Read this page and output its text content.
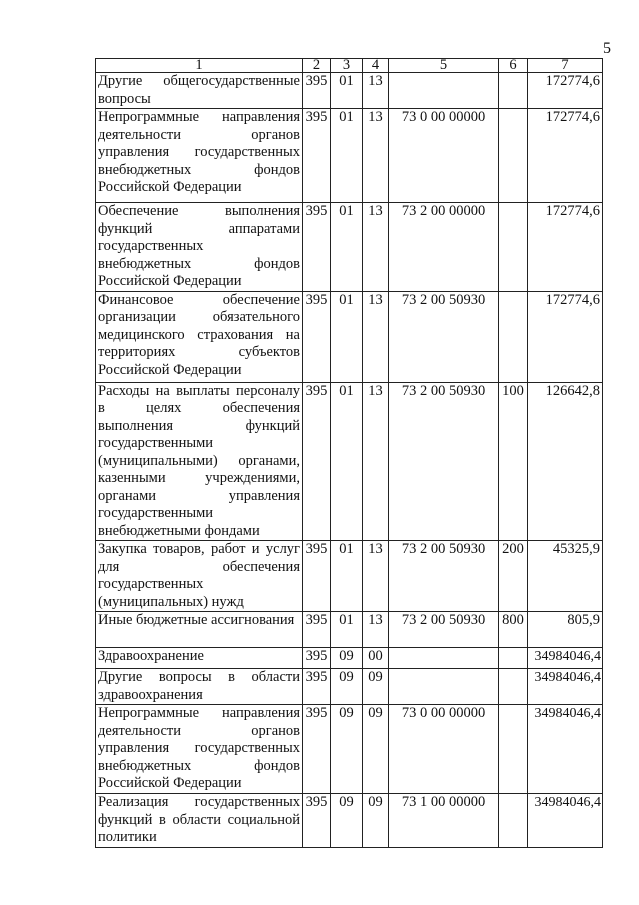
5
1	2	3	4	5	6	7
Другие общегосударственные вопросы	395	01	13			172774,6
Непрограммные направления деятельности органов управления государственных внебюджетных фондов Российской Федерации	395	01	13	73 0 00 00000		172774,6
Обеспечение выполнения функций аппаратами государственных внебюджетных фондов Российской Федерации	395	01	13	73 2 00 00000		172774,6
Финансовое обеспечение организации обязательного медицинского страхования на территориях субъектов Российской Федерации	395	01	13	73 2 00 50930		172774,6
Расходы на выплаты персоналу в целях обеспечения выполнения функций государственными (муниципальными) органами, казенными учреждениями, органами управления государственными внебюджетными фондами	395	01	13	73 2 00 50930	100	126642,8
Закупка товаров, работ и услуг для обеспечения государственных (муниципальных) нужд	395	01	13	73 2 00 50930	200	45325,9
Иные бюджетные ассигнования	395	01	13	73 2 00 50930	800	805,9
Здравоохранение	395	09	00			34984046,4
Другие вопросы в области здравоохранения	395	09	09			34984046,4
Непрограммные направления деятельности органов управления государственных внебюджетных фондов Российской Федерации	395	09	09	73 0 00 00000		34984046,4
Реализация государственных функций в области социальной политики	395	09	09	73 1 00 00000		34984046,4
